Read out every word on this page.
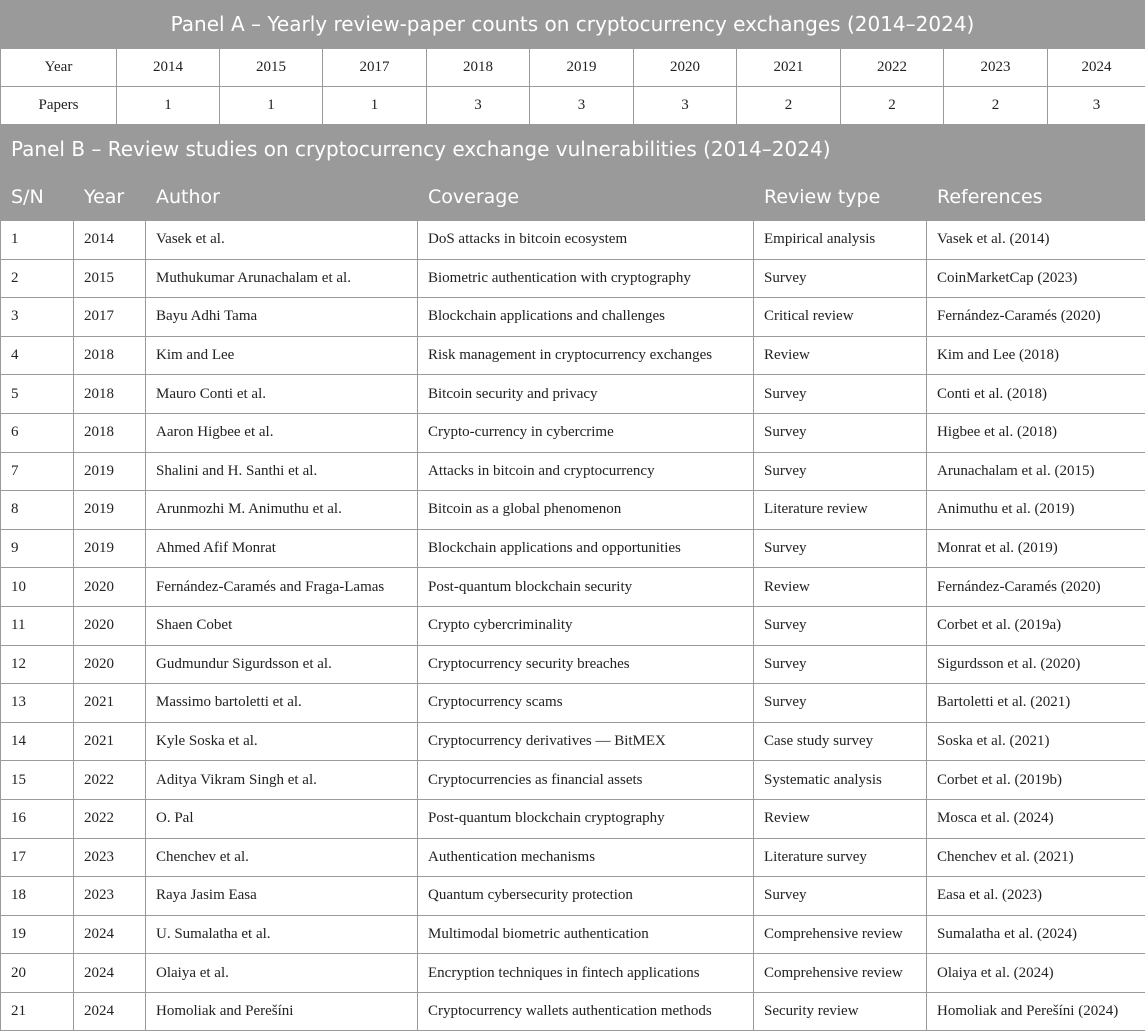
Panel A – Yearly review-paper counts on cryptocurrency exchanges (2014–2024)
Year	2014	2015	2017	2018	2019	2020	2021	2022	2023	2024
Papers	1	1	1	3	3	3	2	2	2	3
Panel B – Review studies on cryptocurrency exchange vulnerabilities (2014–2024)
S/N	Year	Author	Coverage	Review type	References
1	2014	Vasek et al.	DoS attacks in bitcoin ecosystem	Empirical analysis	Vasek et al. (2014)
2	2015	Muthukumar Arunachalam et al.	Biometric authentication with cryptography	Survey	CoinMarketCap (2023)
3	2017	Bayu Adhi Tama	Blockchain applications and challenges	Critical review	Fernández-Caramés (2020)
4	2018	Kim and Lee	Risk management in cryptocurrency exchanges	Review	Kim and Lee (2018)
5	2018	Mauro Conti et al.	Bitcoin security and privacy	Survey	Conti et al. (2018)
6	2018	Aaron Higbee et al.	Crypto-currency in cybercrime	Survey	Higbee et al. (2018)
7	2019	Shalini and H. Santhi et al.	Attacks in bitcoin and cryptocurrency	Survey	Arunachalam et al. (2015)
8	2019	Arunmozhi M. Animuthu et al.	Bitcoin as a global phenomenon	Literature review	Animuthu et al. (2019)
9	2019	Ahmed Afif Monrat	Blockchain applications and opportunities	Survey	Monrat et al. (2019)
10	2020	Fernández-Caramés and Fraga-Lamas	Post-quantum blockchain security	Review	Fernández-Caramés (2020)
11	2020	Shaen Cobet	Crypto cybercriminality	Survey	Corbet et al. (2019a)
12	2020	Gudmundur Sigurdsson et al.	Cryptocurrency security breaches	Survey	Sigurdsson et al. (2020)
13	2021	Massimo bartoletti et al.	Cryptocurrency scams	Survey	Bartoletti et al. (2021)
14	2021	Kyle Soska et al.	Cryptocurrency derivatives — BitMEX	Case study survey	Soska et al. (2021)
15	2022	Aditya Vikram Singh et al.	Cryptocurrencies as financial assets	Systematic analysis	Corbet et al. (2019b)
16	2022	O. Pal	Post-quantum blockchain cryptography	Review	Mosca et al. (2024)
17	2023	Chenchev et al.	Authentication mechanisms	Literature survey	Chenchev et al. (2021)
18	2023	Raya Jasim Easa	Quantum cybersecurity protection	Survey	Easa et al. (2023)
19	2024	U. Sumalatha et al.	Multimodal biometric authentication	Comprehensive review	Sumalatha et al. (2024)
20	2024	Olaiya et al.	Encryption techniques in fintech applications	Comprehensive review	Olaiya et al. (2024)
21	2024	Homoliak and Perešíni	Cryptocurrency wallets authentication methods	Security review	Homoliak and Perešíni (2024)
